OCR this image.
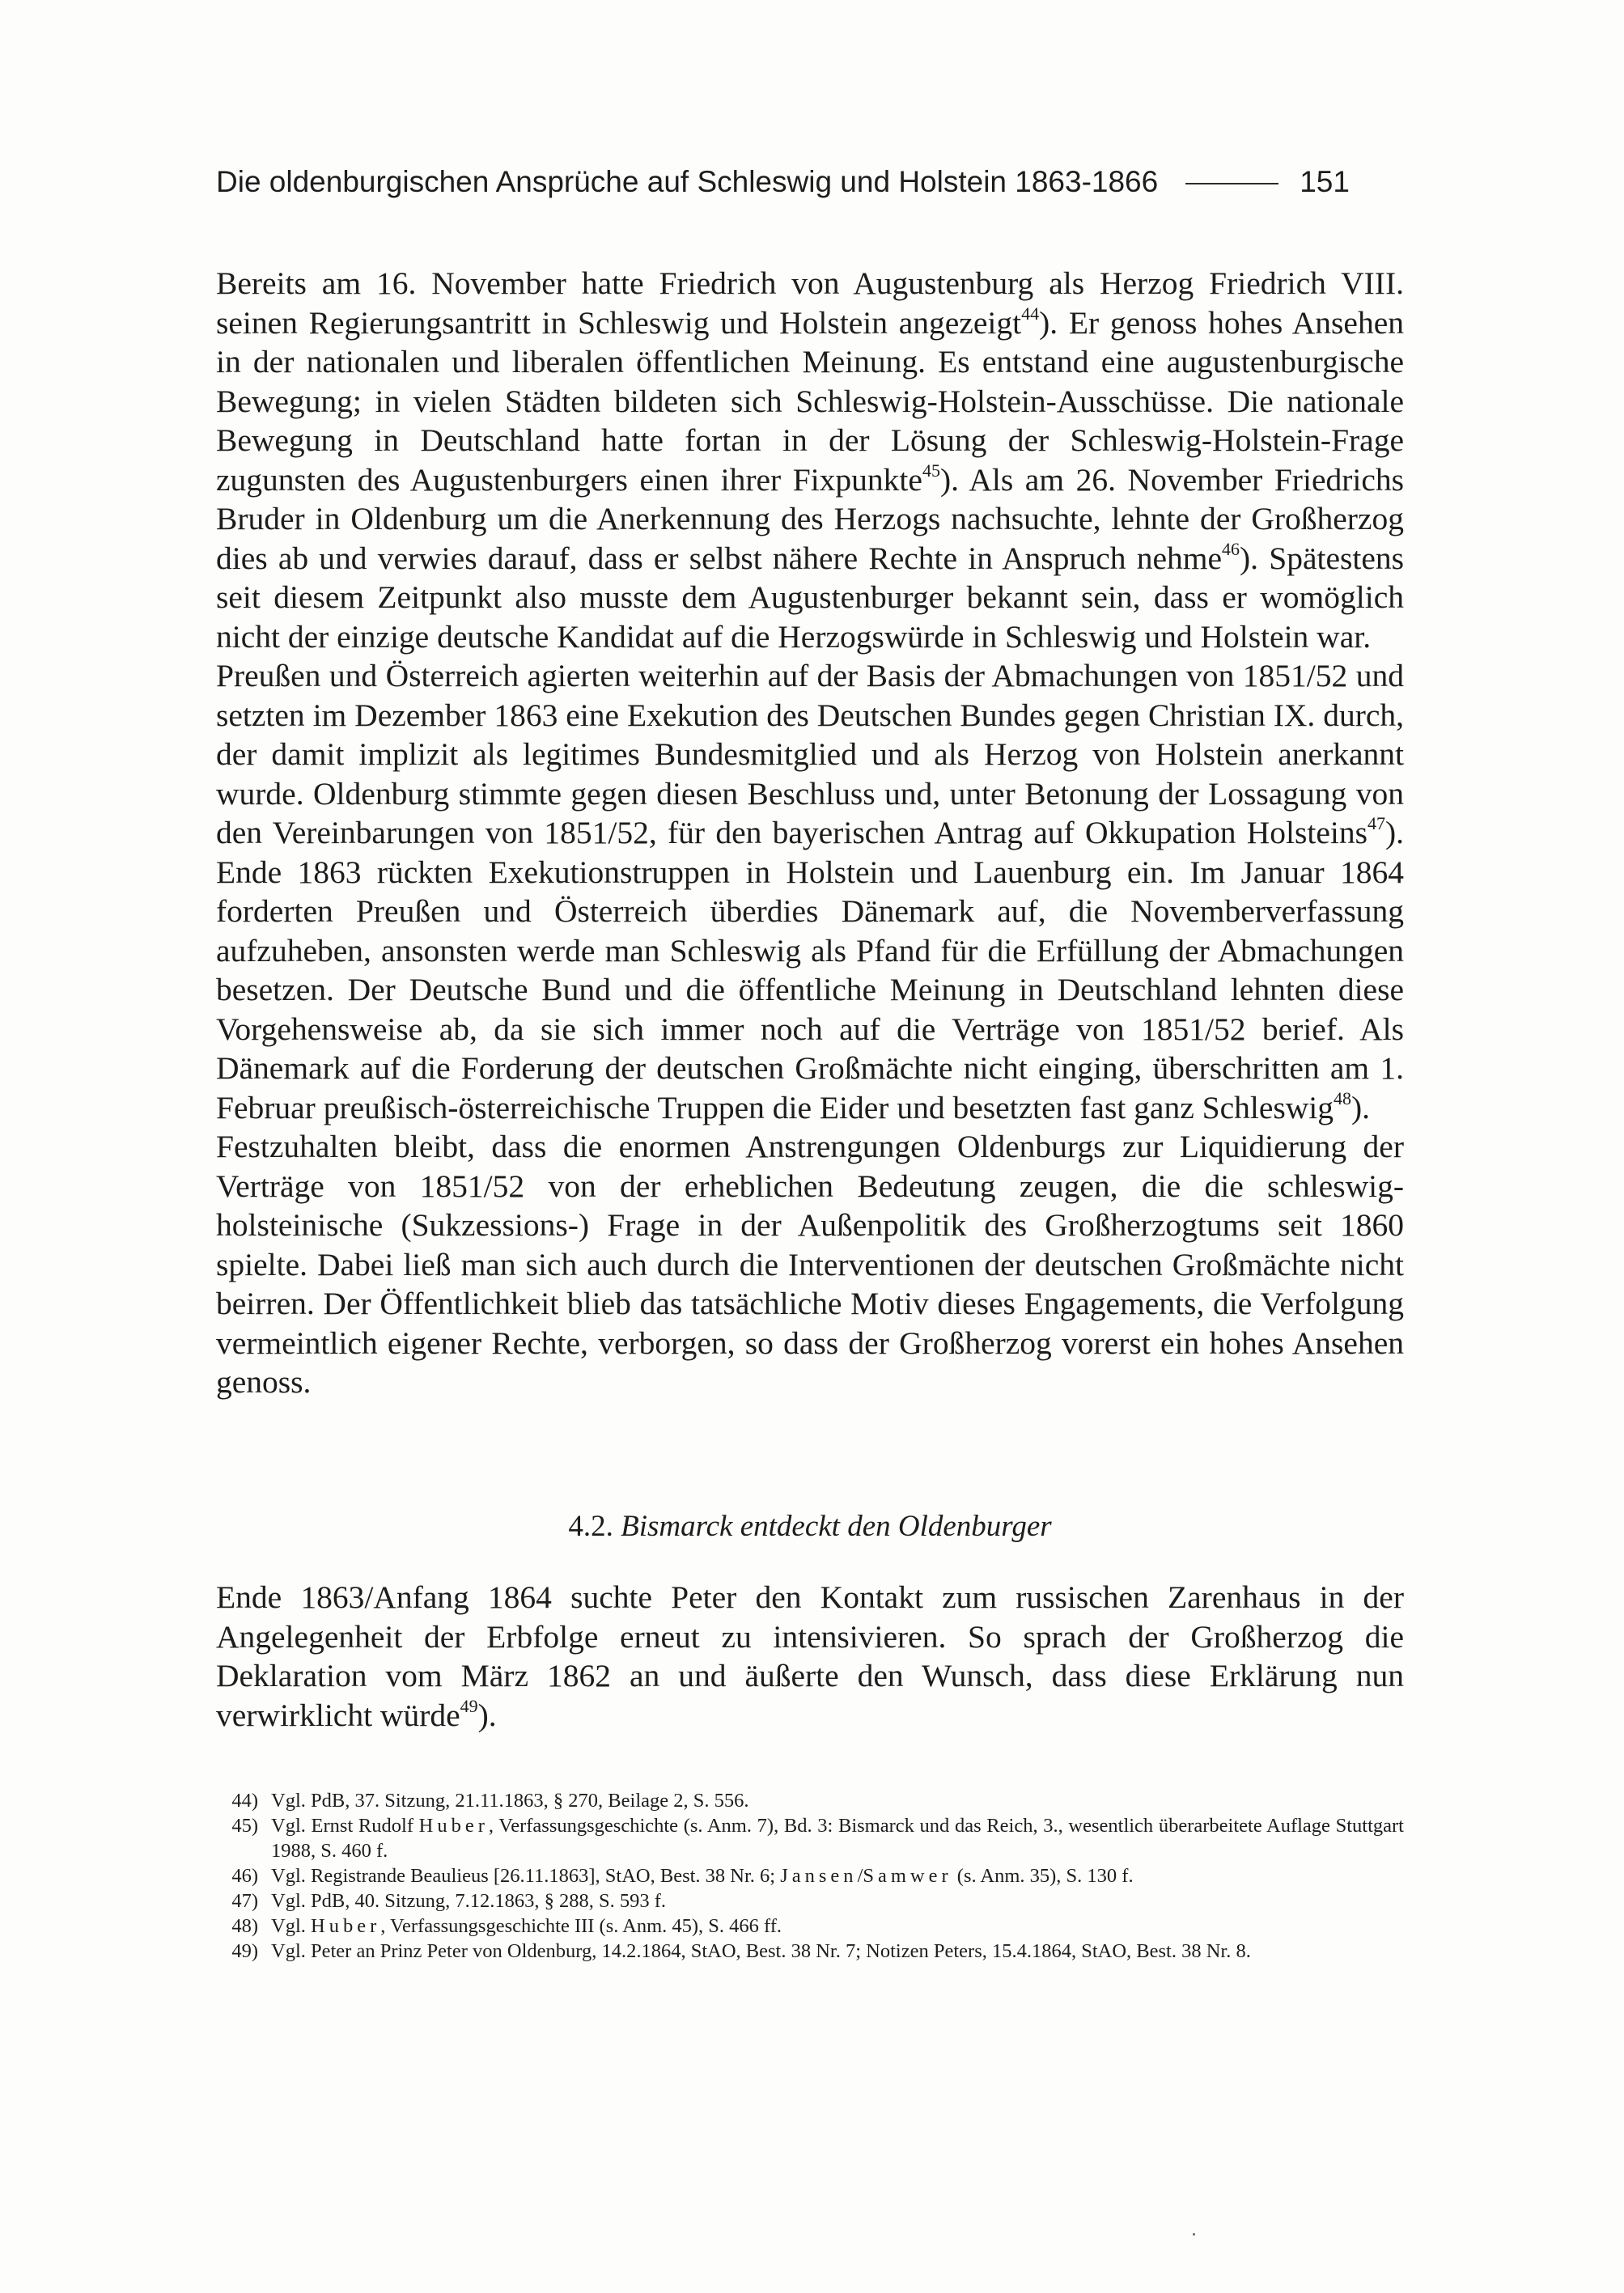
Die oldenburgischen Ansprüche auf Schleswig und Holstein 1863-1866	151

Bereits am 16. November hatte Friedrich von Augustenburg als Herzog Friedrich VIII. seinen Regierungsantritt in Schleswig und Holstein angezeigt$^{44}$). Er genoss hohes Ansehen in der nationalen und liberalen öffentlichen Meinung. Es entstand eine augustenburgische Bewegung; in vielen Städten bildeten sich Schleswig-Holstein-Ausschüsse. Die nationale Bewegung in Deutschland hatte fortan in der Lösung der Schleswig-Holstein-Frage zugunsten des Augustenburgers einen ihrer Fixpunkte$^{45}$). Als am 26. November Friedrichs Bruder in Oldenburg um die Anerkennung des Herzogs nachsuchte, lehnte der Großherzog dies ab und verwies darauf, dass er selbst nähere Rechte in Anspruch nehme$^{46}$). Spätestens seit diesem Zeitpunkt also musste dem Augustenburger bekannt sein, dass er womöglich nicht der einzige deutsche Kandidat auf die Herzogswürde in Schleswig und Holstein war.

Preußen und Österreich agierten weiterhin auf der Basis der Abmachungen von 1851/52 und setzten im Dezember 1863 eine Exekution des Deutschen Bundes gegen Christian IX. durch, der damit implizit als legitimes Bundesmitglied und als Herzog von Holstein anerkannt wurde. Oldenburg stimmte gegen diesen Beschluss und, unter Betonung der Lossagung von den Vereinbarungen von 1851/52, für den bayerischen Antrag auf Okkupation Holsteins$^{47}$). Ende 1863 rückten Exekutionstruppen in Holstein und Lauenburg ein. Im Januar 1864 forderten Preußen und Österreich überdies Dänemark auf, die Novemberverfassung aufzuheben, ansonsten werde man Schleswig als Pfand für die Erfüllung der Abmachungen besetzen. Der Deutsche Bund und die öffentliche Meinung in Deutschland lehnten diese Vorgehensweise ab, da sie sich immer noch auf die Verträge von 1851/52 berief. Als Dänemark auf die Forderung der deutschen Großmächte nicht einging, überschritten am 1. Februar preußisch-österreichische Truppen die Eider und besetzten fast ganz Schleswig$^{48}$).

Festzuhalten bleibt, dass die enormen Anstrengungen Oldenburgs zur Liquidierung der Verträge von 1851/52 von der erheblichen Bedeutung zeugen, die die schleswig-holsteinische (Sukzessions-) Frage in der Außenpolitik des Großherzogtums seit 1860 spielte. Dabei ließ man sich auch durch die Interventionen der deutschen Großmächte nicht beirren. Der Öffentlichkeit blieb das tatsächliche Motiv dieses Engagements, die Verfolgung vermeintlich eigener Rechte, verborgen, so dass der Großherzog vorerst ein hohes Ansehen genoss.

4.2. Bismarck entdeckt den Oldenburger

Ende 1863/Anfang 1864 suchte Peter den Kontakt zum russischen Zarenhaus in der Angelegenheit der Erbfolge erneut zu intensivieren. So sprach der Großherzog die Deklaration vom März 1862 an und äußerte den Wunsch, dass diese Erklärung nun verwirklicht würde$^{49}$).

44) Vgl. PdB, 37. Sitzung, 21.11.1863, § 270, Beilage 2, S. 556.
45) Vgl. Ernst Rudolf Huber, Verfassungsgeschichte (s. Anm. 7), Bd. 3: Bismarck und das Reich, 3., wesentlich überarbeitete Auflage Stuttgart 1988, S. 460 f.
46) Vgl. Registrande Beaulieus [26.11.1863], StAO, Best. 38 Nr. 6; Jansen/Samwer (s. Anm. 35), S. 130 f.
47) Vgl. PdB, 40. Sitzung, 7.12.1863, § 288, S. 593 f.
48) Vgl. Huber, Verfassungsgeschichte III (s. Anm. 45), S. 466 ff.
49) Vgl. Peter an Prinz Peter von Oldenburg, 14.2.1864, StAO, Best. 38 Nr. 7; Notizen Peters, 15.4.1864, StAO, Best. 38 Nr. 8.
